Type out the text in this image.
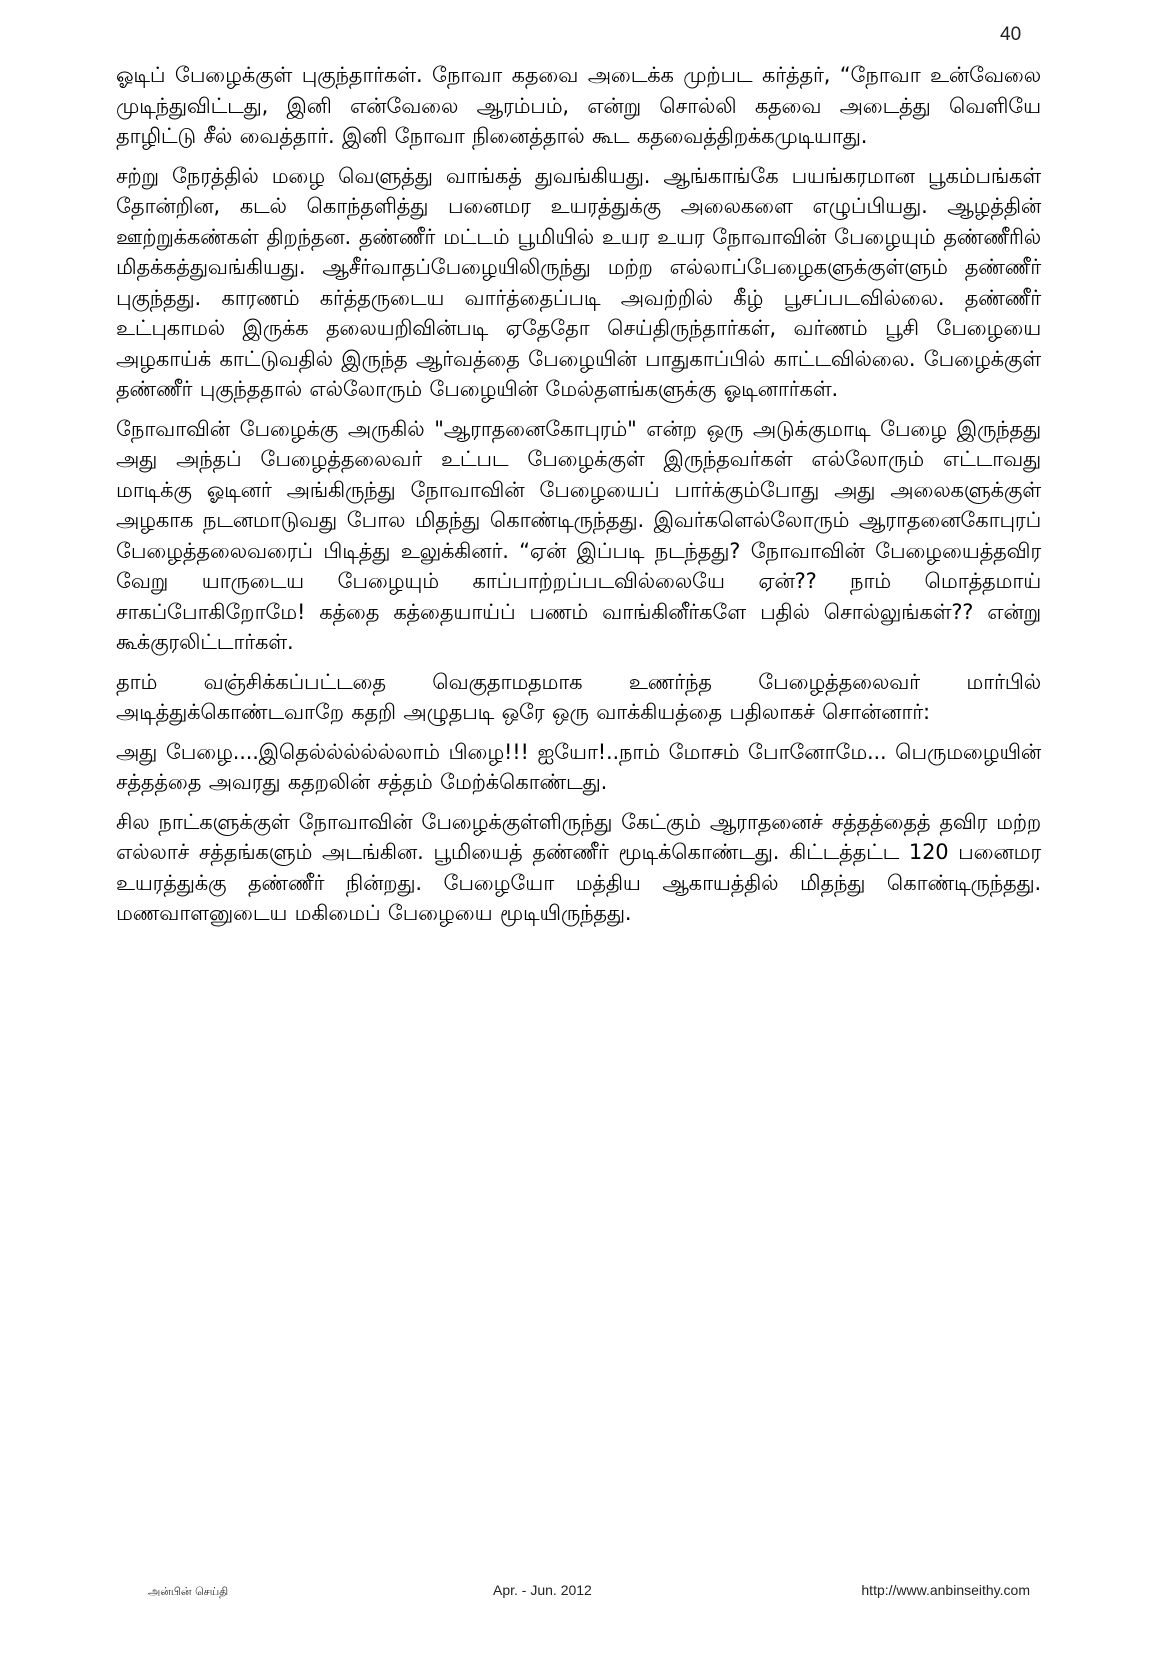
40

ஓடிப் பேழைக்குள் புகுந்தார்கள். நோவா கதவை அடைக்க முற்பட கர்த்தர், “நோவா உன்வேலை முடிந்துவிட்டது, இனி என்வேலை ஆரம்பம், என்று சொல்லி கதவை அடைத்து வெளியே தாழிட்டு சீல் வைத்தார். இனி நோவா நினைத்தால் கூட கதவைத்திறக்கமுடியாது.

சற்று நேரத்தில் மழை வெளுத்து வாங்கத் துவங்கியது. ஆங்காங்கே பயங்கரமான பூகம்பங்கள் தோன்றின, கடல் கொந்தளித்து பனைமர உயரத்துக்கு அலைகளை எழுப்பியது. ஆழத்தின் ஊற்றுக்கண்கள் திறந்தன. தண்ணீர் மட்டம் பூமியில் உயர உயர நோவாவின் பேழையும் தண்ணீரில் மிதக்கத்துவங்கியது. ஆசீர்வாதப்பேழையிலிருந்து மற்ற எல்லாப்பேழைகளுக்குள்ளும் தண்ணீர் புகுந்தது. காரணம் கர்த்தருடைய வார்த்தைப்படி அவற்றில் கீழ் பூசப்படவில்லை. தண்ணீர் உட்புகாமல் இருக்க தலையறிவின்படி ஏதேதோ செய்திருந்தார்கள், வர்ணம் பூசி பேழையை அழகாய்க் காட்டுவதில் இருந்த ஆர்வத்தை பேழையின் பாதுகாப்பில் காட்டவில்லை. பேழைக்குள் தண்ணீர் புகுந்ததால் எல்லோரும் பேழையின் மேல்தளங்களுக்கு ஓடினார்கள்.

நோவாவின் பேழைக்கு அருகில் "ஆராதனைகோபுரம்" என்ற ஒரு அடுக்குமாடி பேழை இருந்தது அது அந்தப் பேழைத்தலைவர் உட்பட பேழைக்குள் இருந்தவர்கள் எல்லோரும் எட்டாவது மாடிக்கு ஓடினர் அங்கிருந்து நோவாவின் பேழையைப் பார்க்கும்போது அது அலைகளுக்குள் அழகாக நடனமாடுவது போல மிதந்து கொண்டிருந்தது. இவர்களெல்லோரும் ஆராதனைகோபுரப் பேழைத்தலைவரைப் பிடித்து உலுக்கினர். “ஏன் இப்படி நடந்தது? நோவாவின் பேழையைத்தவிர வேறு யாருடைய பேழையும் காப்பாற்றப்படவில்லையே ஏன்?? நாம் மொத்தமாய் சாகப்போகிறோமே! கத்தை கத்தையாய்ப் பணம் வாங்கினீர்களே பதில் சொல்லுங்கள்?? என்று கூக்குரலிட்டார்கள்.

தாம் வஞ்சிக்கப்பட்டதை வெகுதாமதமாக உணர்ந்த பேழைத்தலைவர் மார்பில் அடித்துக்கொண்டவாறே கதறி அழுதபடி ஒரே ஒரு வாக்கியத்தை பதிலாகச் சொன்னார்:

அது பேழை....இதெல்ல்ல்ல்ல்லாம் பிழை!!! ஐயோ!..நாம் மோசம் போனோமே... பெருமழையின் சத்தத்தை அவரது கதறலின் சத்தம் மேற்க்கொண்டது.

சில நாட்களுக்குள் நோவாவின் பேழைக்குள்ளிருந்து கேட்கும் ஆராதனைச் சத்தத்தைத் தவிர மற்ற எல்லாச் சத்தங்களும் அடங்கின. பூமியைத் தண்ணீர் மூடிக்கொண்டது. கிட்டத்தட்ட 120 பனைமர உயரத்துக்கு தண்ணீர் நின்றது. பேழையோ மத்திய ஆகாயத்தில் மிதந்து கொண்டிருந்தது. மணவாளனுடைய மகிமைப் பேழையை மூடியிருந்தது.

அன்பின் செய்தி	Apr. - Jun. 2012	http://www.anbinseithy.com
